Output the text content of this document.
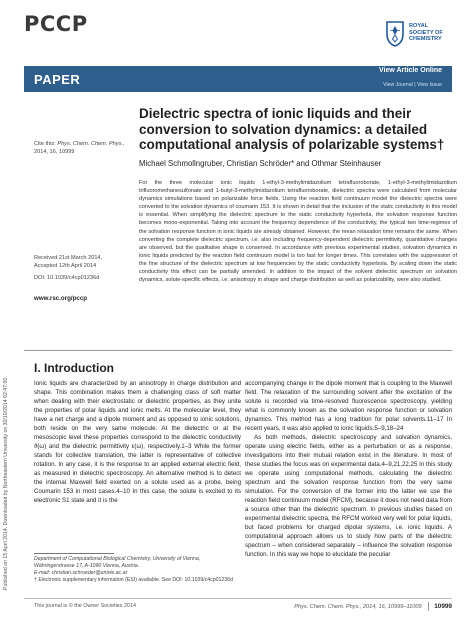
Published on 15 April 2014. Downloaded by Northeastern University on 30/10/2014 02:47:00.
PCCP	ROYAL SOCIETY OF CHEMISTRY
PAPER
View Article Online
View Journal | View Issue
Cite this: Phys. Chem. Chem. Phys.,
2014, 16, 10999
Received 21st March 2014,
Accepted 12th April 2014
DOI: 10.1039/c4cp01236d
www.rsc.org/pccp
Dielectric spectra of ionic liquids and their conversion to solvation dynamics: a detailed computational analysis of polarizable systems†
Michael Schmollngruber, Christian Schröder* and Othmar Steinhauser
For the three molecular ionic liquids 1-ethyl-3-methylimidazolium tetrafluoroborate, 1-ethyl-3-methylimidazolium trifluoromethanesulfonate and 1-butyl-3-methylimidazolium tetrafluoroborate, dielectric spectra were calculated from molecular dynamics simulations based on polarizable force fields. Using the reaction field continuum model the dielectric spectra were converted to the solvation dynamics of coumarin 153. It is shown in detail that the inclusion of the static conductivity in this model is essential. When simplifying the dielectric spectrum to the static conductivity hyperbola, the solvation response function becomes mono-exponential. Taking into account the frequency dependence of the conductivity, the typical two time-regimes of the solvation response function in ionic liquids are already obtained. However, the mean relaxation time remains the same. When converting the complete dielectric spectrum, i.e. also including frequency-dependent dielectric permittivity, quantitative changes are observed, but the qualitative shape is conserved. In accordance with previous experimental studies, solvation dynamics in ionic liquids predicted by the reaction field continuum model is too fast for longer times. This correlates with the suppression of the fine structure of the dielectric spectrum at low frequencies by the static conductivity hyperbola. By scaling down the static conductivity this effect can be partially amended. In addition to the impact of the solvent dielectric spectrum on solvation dynamics, solute-specific effects, i.e. anisotropy in shape and charge distribution as well as polarizability, were also studied.
I. Introduction
Ionic liquids are characterized by an anisotropy in charge distribution and shape. This combination makes them a challenging class of soft matter when dealing with their electrostatic or dielectric properties, as they unite the properties of polar liquids and ionic melts. At the molecular level, they have a net charge and a dipole moment and as opposed to ionic solutions, both reside on the very same molecule. At the dielectric or at the mesoscopic level these properties correspond to the dielectric conductivity ϑ(ω) and the dielectric permittivity ε(ω), respectively.1–3 While the former stands for collective translation, the latter is representative of collective rotation. In any case, it is the response to an applied external electric field, as measured in dielectric spectroscopy. An alternative method is to detect the internal Maxwell field exerted on a solute used as a probe, being Coumarin 153 in most cases.4–10 In this case, the solute is excited to its electronic S1 state and it is the

accompanying change in the dipole moment that is coupling to the Maxwell field. The relaxation of the surrounding solvent after the excitation of the solute is recorded via time-resolved fluorescence spectroscopy, yielding what is commonly known as the solvation response function or solvation dynamics. This method has a long tradition for polar solvents.11–17 In recent years, it was also applied to ionic liquids.5–9,18–24

As both methods, dielectric spectroscopy and solvation dynamics, operate using electric fields, either as a perturbation or as a response, investigations into their mutual relation exist in the literature. In most of these studies the focus was on experimental data.4–9,21,22,25 In this study we operate using computational methods, calculating the dielectric spectrum and the solvation response function from the very same simulation. For the conversion of the former into the latter we use the reaction field continuum model (RFCM), because it does not need data from a source other than the dielectric spectrum. In previous studies based on experimental dielectric spectra, the RFCM worked very well for polar liquids, but faced problems for charged dipolar systems, i.e. ionic liquids. A computational approach allows us to study how parts of the dielectric spectrum – when considered separately – influence the solvation response function. In this way we hope to elucidate the peculiar

Department of Computational Biological Chemistry, University of Vienna, Währingerstrasse 17, A-1090 Vienna, Austria.
E-mail: christian.schroeder@univie.ac.at
† Electronic supplementary information (ESI) available. See DOI: 10.1039/c4cp01236d
This journal is © the Owner Societies 2014	Phys. Chem. Chem. Phys., 2014, 16, 10999–11009 10999
